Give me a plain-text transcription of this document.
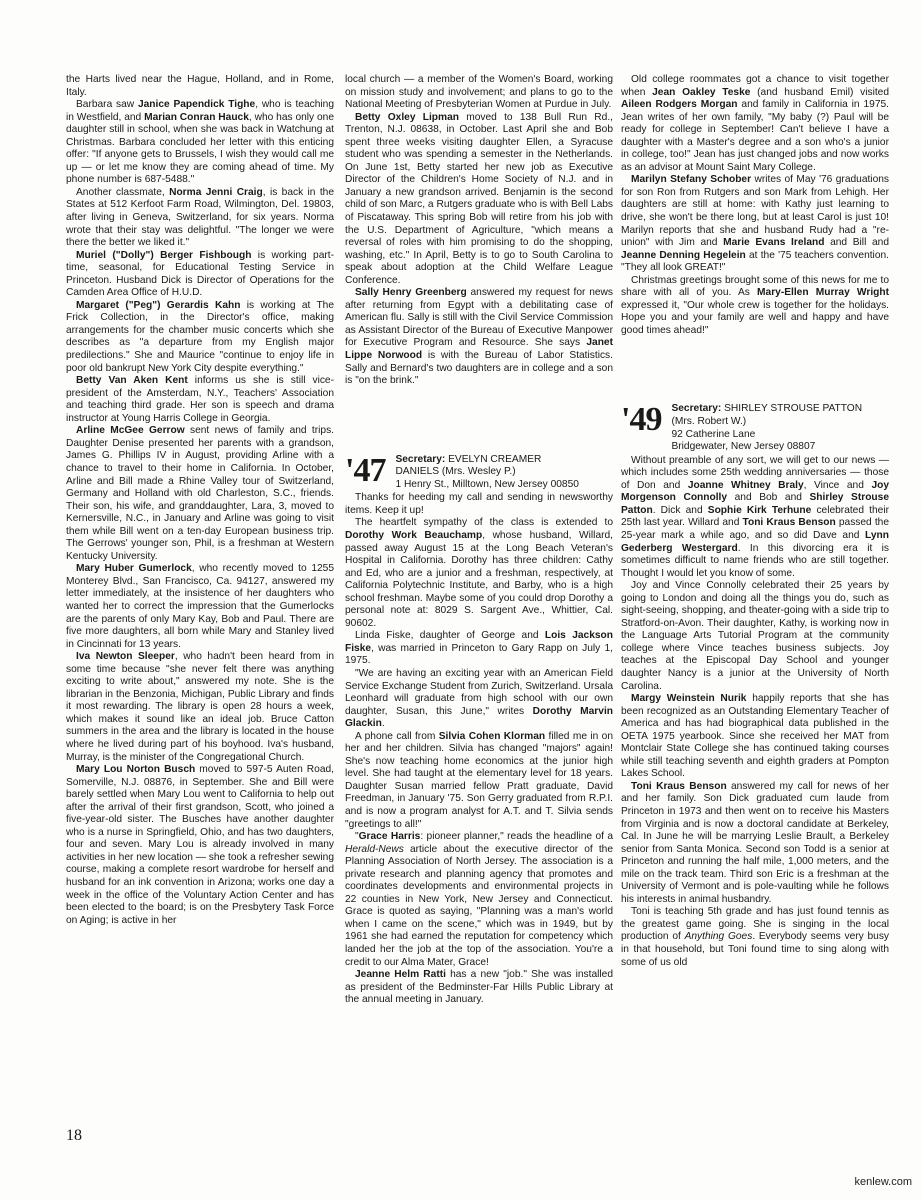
the Harts lived near the Hague, Holland, and in Rome, Italy.

Barbara saw Janice Papendick Tighe, who is teaching in Westfield, and Marian Conran Hauck, who has only one daughter still in school, when she was back in Watchung at Christmas. Barbara concluded her letter with this enticing offer: "If anyone gets to Brussels, I wish they would call me up — or let me know they are coming ahead of time. My phone number is 687-5488."

Another classmate, Norma Jenni Craig, is back in the States at 512 Kerfoot Farm Road, Wilmington, Del. 19803, after living in Geneva, Switzerland, for six years. Norma wrote that their stay was delightful. "The longer we were there the better we liked it."

Muriel ("Dolly") Berger Fishbough is working part-time, seasonal, for Educational Testing Service in Princeton. Husband Dick is Director of Operations for the Camden Area Office of H.U.D.

Margaret ("Peg") Gerardis Kahn is working at The Frick Collection, in the Director's office, making arrangements for the chamber music concerts which she describes as "a departure from my English major predilections." She and Maurice "continue to enjoy life in poor old bankrupt New York City despite everything."

Betty Van Aken Kent informs us she is still vice-president of the Amsterdam, N.Y., Teachers' Association and teaching third grade. Her son is speech and drama instructor at Young Harris College in Georgia.

Arline McGee Gerrow sent news of family and trips. Daughter Denise presented her parents with a grandson, James G. Phillips IV in August, providing Arline with a chance to travel to their home in California. In October, Arline and Bill made a Rhine Valley tour of Switzerland, Germany and Holland with old Charleston, S.C., friends. Their son, his wife, and granddaughter, Lara, 3, moved to Kernersville, N.C., in January and Arline was going to visit them while Bill went on a ten-day European business trip. The Gerrows' younger son, Phil, is a freshman at Western Kentucky University.

Mary Huber Gumerlock, who recently moved to 1255 Monterey Blvd., San Francisco, Ca. 94127, answered my letter immediately, at the insistence of her daughters who wanted her to correct the impression that the Gumerlocks are the parents of only Mary Kay, Bob and Paul. There are five more daughters, all born while Mary and Stanley lived in Cincinnati for 13 years.

Iva Newton Sleeper, who hadn't been heard from in some time because "she never felt there was anything exciting to write about," answered my note. She is the librarian in the Benzonia, Michigan, Public Library and finds it most rewarding. The library is open 28 hours a week, which makes it sound like an ideal job. Bruce Catton summers in the area and the library is located in the house where he lived during part of his boyhood. Iva's husband, Murray, is the minister of the Congregational Church.

Mary Lou Norton Busch moved to 597-5 Auten Road, Somerville, N.J. 08876, in September. She and Bill were barely settled when Mary Lou went to California to help out after the arrival of their first grandson, Scott, who joined a five-year-old sister. The Busches have another daughter who is a nurse in Springfield, Ohio, and has two daughters, four and seven. Mary Lou is already involved in many activities in her new location — she took a refresher sewing course, making a complete resort wardrobe for herself and husband for an ink convention in Arizona; works one day a week in the office of the Voluntary Action Center and has been elected to the board; is on the Presbytery Task Force on Aging; is active in her

local church — a member of the Women's Board, working on mission study and involvement; and plans to go to the National Meeting of Presbyterian Women at Purdue in July.

Betty Oxley Lipman moved to 138 Bull Run Rd., Trenton, N.J. 08638, in October. Last April she and Bob spent three weeks visiting daughter Ellen, a Syracuse student who was spending a semester in the Netherlands. On June 1st, Betty started her new job as Executive Director of the Children's Home Society of N.J. and in January a new grandson arrived. Benjamin is the second child of son Marc, a Rutgers graduate who is with Bell Labs of Piscataway. This spring Bob will retire from his job with the U.S. Department of Agriculture, "which means a reversal of roles with him promising to do the shopping, washing, etc." In April, Betty is to go to South Carolina to speak about adoption at the Child Welfare League Conference.

Sally Henry Greenberg answered my request for news after returning from Egypt with a debilitating case of American flu. Sally is still with the Civil Service Commission as Assistant Director of the Bureau of Executive Manpower for Executive Program and Resource. She says Janet Lippe Norwood is with the Bureau of Labor Statistics. Sally and Bernard's two daughters are in college and a son is "on the brink."

'47 Secretary: EVELYN CREAMER
DANIELS (Mrs. Wesley P.)
1 Henry St., Milltown, New Jersey 00850

Thanks for heeding my call and sending in newsworthy items. Keep it up!

The heartfelt sympathy of the class is extended to Dorothy Work Beauchamp, whose husband, Willard, passed away August 15 at the Long Beach Veteran's Hospital in California. Dorothy has three children: Cathy and Ed, who are a junior and a freshman, respectively, at California Polytechnic Institute, and Barby, who is a high school freshman. Maybe some of you could drop Dorothy a personal note at: 8029 S. Sargent Ave., Whittier, Cal. 90602.

Linda Fiske, daughter of George and Lois Jackson Fiske, was married in Princeton to Gary Rapp on July 1, 1975.

"We are having an exciting year with an American Field Service Exchange Student from Zurich, Switzerland. Ursala Leonhard will graduate from high school with our own daughter, Susan, this June," writes Dorothy Marvin Glackin.

A phone call from Silvia Cohen Klorman filled me in on her and her children. Silvia has changed "majors" again! She's now teaching home economics at the junior high level. She had taught at the elementary level for 18 years. Daughter Susan married fellow Pratt graduate, David Freedman, in January '75. Son Gerry graduated from R.P.I. and is now a program analyst for A.T. and T. Silvia sends "greetings to all!"

"Grace Harris: pioneer planner," reads the headline of a Herald-News article about the executive director of the Planning Association of North Jersey. The association is a private research and planning agency that promotes and coordinates developments and environmental projects in 22 counties in New York, New Jersey and Connecticut. Grace is quoted as saying, "Planning was a man's world when I came on the scene," which was in 1949, but by 1961 she had earned the reputation for competency which landed her the job at the top of the association. You're a credit to our Alma Mater, Grace!

Jeanne Helm Ratti has a new "job." She was installed as president of the Bedminster-Far Hills Public Library at the annual meeting in January.

Old college roommates got a chance to visit together when Jean Oakley Teske (and husband Emil) visited Aileen Rodgers Morgan and family in California in 1975. Jean writes of her own family, "My baby (?) Paul will be ready for college in September! Can't believe I have a daughter with a Master's degree and a son who's a junior in college, too!" Jean has just changed jobs and now works as an advisor at Mount Saint Mary College.

Marilyn Stefany Schober writes of May '76 graduations for son Ron from Rutgers and son Mark from Lehigh. Her daughters are still at home: with Kathy just learning to drive, she won't be there long, but at least Carol is just 10! Marilyn reports that she and husband Rudy had a "re-union" with Jim and Marie Evans Ireland and Bill and Jeanne Denning Hegelein at the '75 teachers convention. "They all look GREAT!"

Christmas greetings brought some of this news for me to share with all of you. As Mary-Ellen Murray Wright expressed it, "Our whole crew is together for the holidays. Hope you and your family are well and happy and have good times ahead!"

'49 Secretary: SHIRLEY STROUSE PATTON
(Mrs. Robert W.)
92 Catherine Lane
Bridgewater, New Jersey 08807

Without preamble of any sort, we will get to our news — which includes some 25th wedding anniversaries — those of Don and Joanne Whitney Braly, Vince and Joy Morgenson Connolly and Bob and Shirley Strouse Patton. Dick and Sophie Kirk Terhune celebrated their 25th last year. Willard and Toni Kraus Benson passed the 25-year mark a while ago, and so did Dave and Lynn Gederberg Westergard. In this divorcing era it is sometimes difficult to name friends who are still together. Thought I would let you know of some.

Joy and Vince Connolly celebrated their 25 years by going to London and doing all the things you do, such as sight-seeing, shopping, and theater-going with a side trip to Stratford-on-Avon. Their daughter, Kathy, is working now in the Language Arts Tutorial Program at the community college where Vince teaches business subjects. Joy teaches at the Episcopal Day School and younger daughter Nancy is a junior at the University of North Carolina.

Margy Weinstein Nurik happily reports that she has been recognized as an Outstanding Elementary Teacher of America and has had biographical data published in the OETA 1975 yearbook. Since she received her MAT from Montclair State College she has continued taking courses while still teaching seventh and eighth graders at Pompton Lakes School.

Toni Kraus Benson answered my call for news of her and her family. Son Dick graduated cum laude from Princeton in 1973 and then went on to receive his Masters from Virginia and is now a doctoral candidate at Berkeley, Cal. In June he will be marrying Leslie Brault, a Berkeley senior from Santa Monica. Second son Todd is a senior at Princeton and running the half mile, 1,000 meters, and the mile on the track team. Third son Eric is a freshman at the University of Vermont and is pole-vaulting while he follows his interests in animal husbandry.

Toni is teaching 5th grade and has just found tennis as the greatest game going. She is singing in the local production of Anything Goes. Everybody seems very busy in that household, but Toni found time to sing along with some of us old

18
kenlew.com
